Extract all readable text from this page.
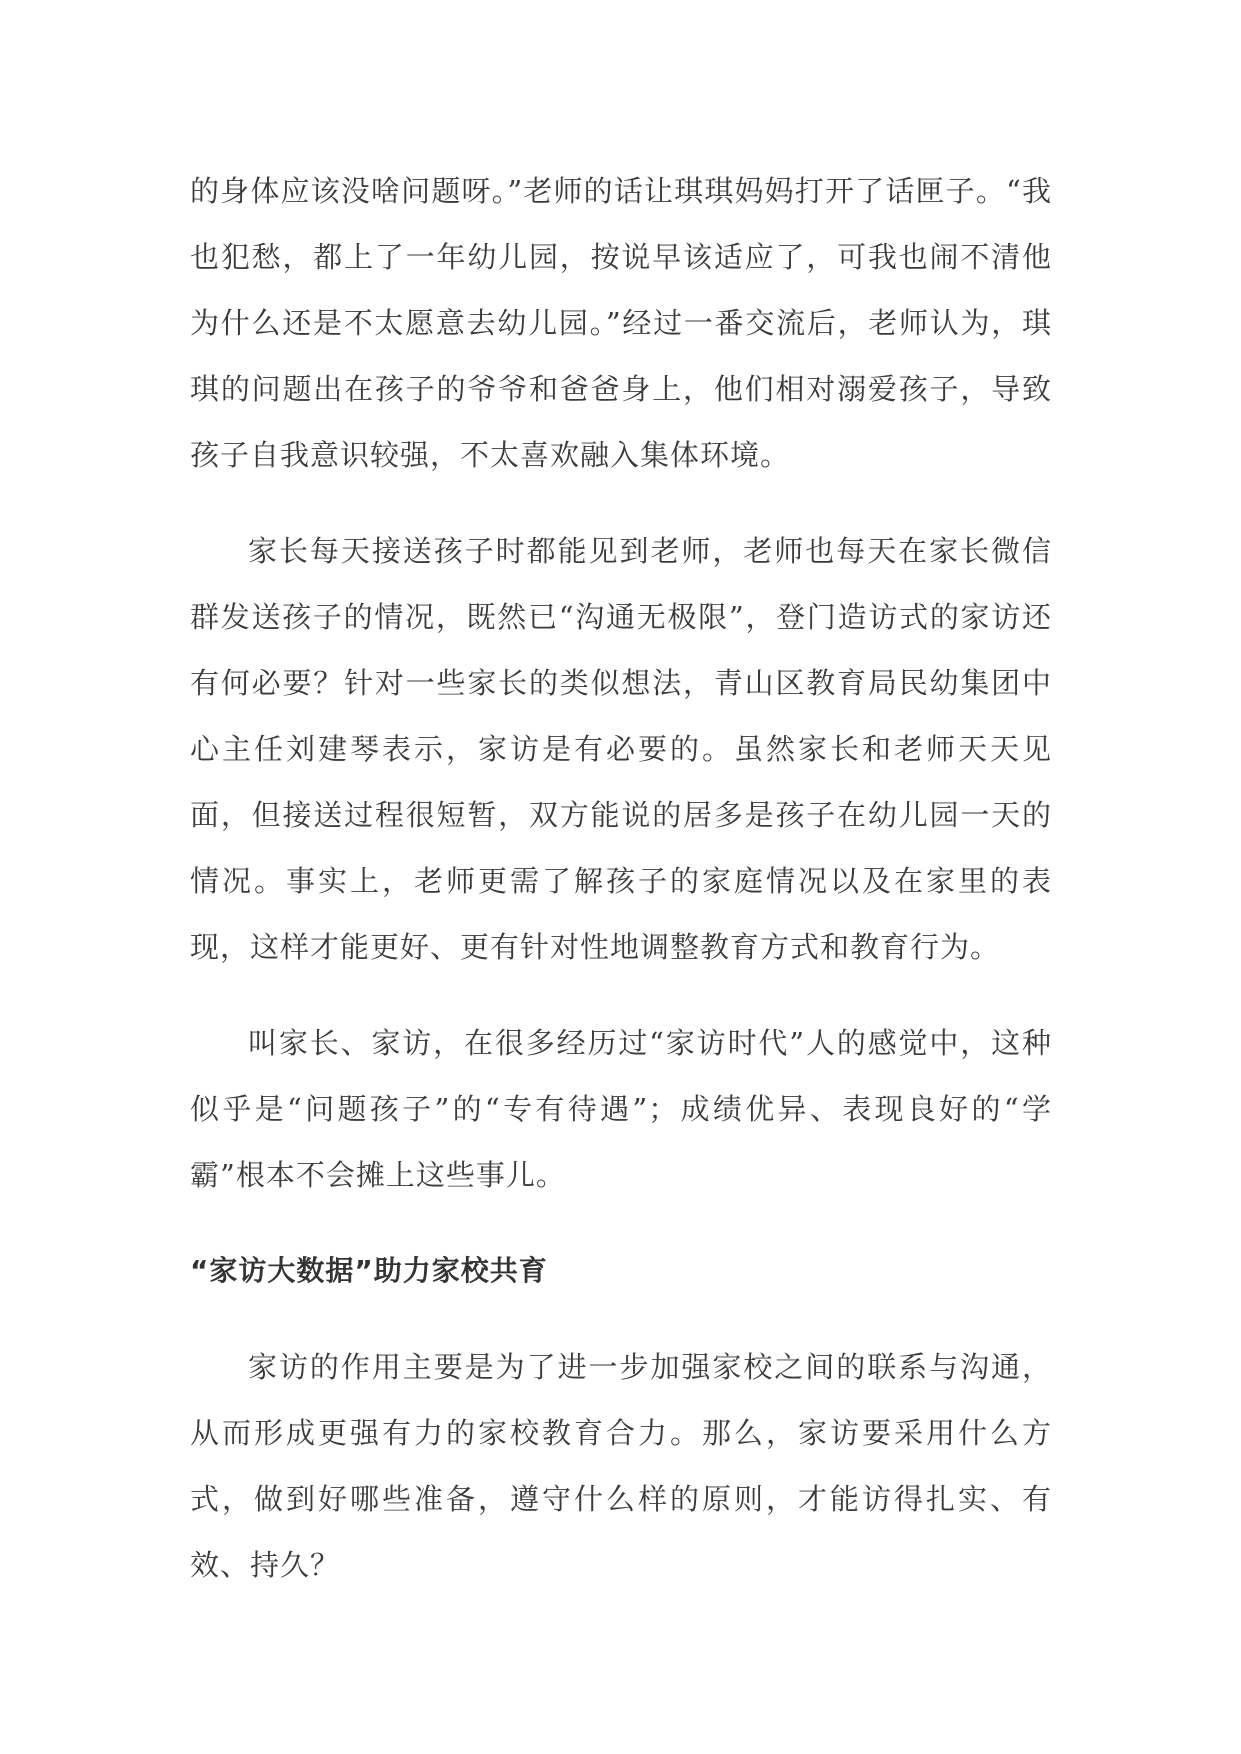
的身体应该没啥问题呀。”老师的话让琪琪妈妈打开了话匣子。“我也犯愁，都上了一年幼儿园，按说早该适应了，可我也闹不清他为什么还是不太愿意去幼儿园。”经过一番交流后，老师认为，琪琪的问题出在孩子的爷爷和爸爸身上，他们相对溺爱孩子，导致孩子自我意识较强，不太喜欢融入集体环境。

家长每天接送孩子时都能见到老师，老师也每天在家长微信群发送孩子的情况，既然已“沟通无极限”，登门造访式的家访还有何必要？针对一些家长的类似想法，青山区教育局民幼集团中心主任刘建琴表示，家访是有必要的。虽然家长和老师天天见面，但接送过程很短暂，双方能说的居多是孩子在幼儿园一天的情况。事实上，老师更需了解孩子的家庭情况以及在家里的表现，这样才能更好、更有针对性地调整教育方式和教育行为。

叫家长、家访，在很多经历过“家访时代”人的感觉中，这种似乎是“问题孩子”的“专有待遇”；成绩优异、表现良好的“学霸”根本不会摊上这些事儿。

“家访大数据”助力家校共育

家访的作用主要是为了进一步加强家校之间的联系与沟通，从而形成更强有力的家校教育合力。那么，家访要采用什么方式，做到好哪些准备，遵守什么样的原则，才能访得扎实、有效、持久？
